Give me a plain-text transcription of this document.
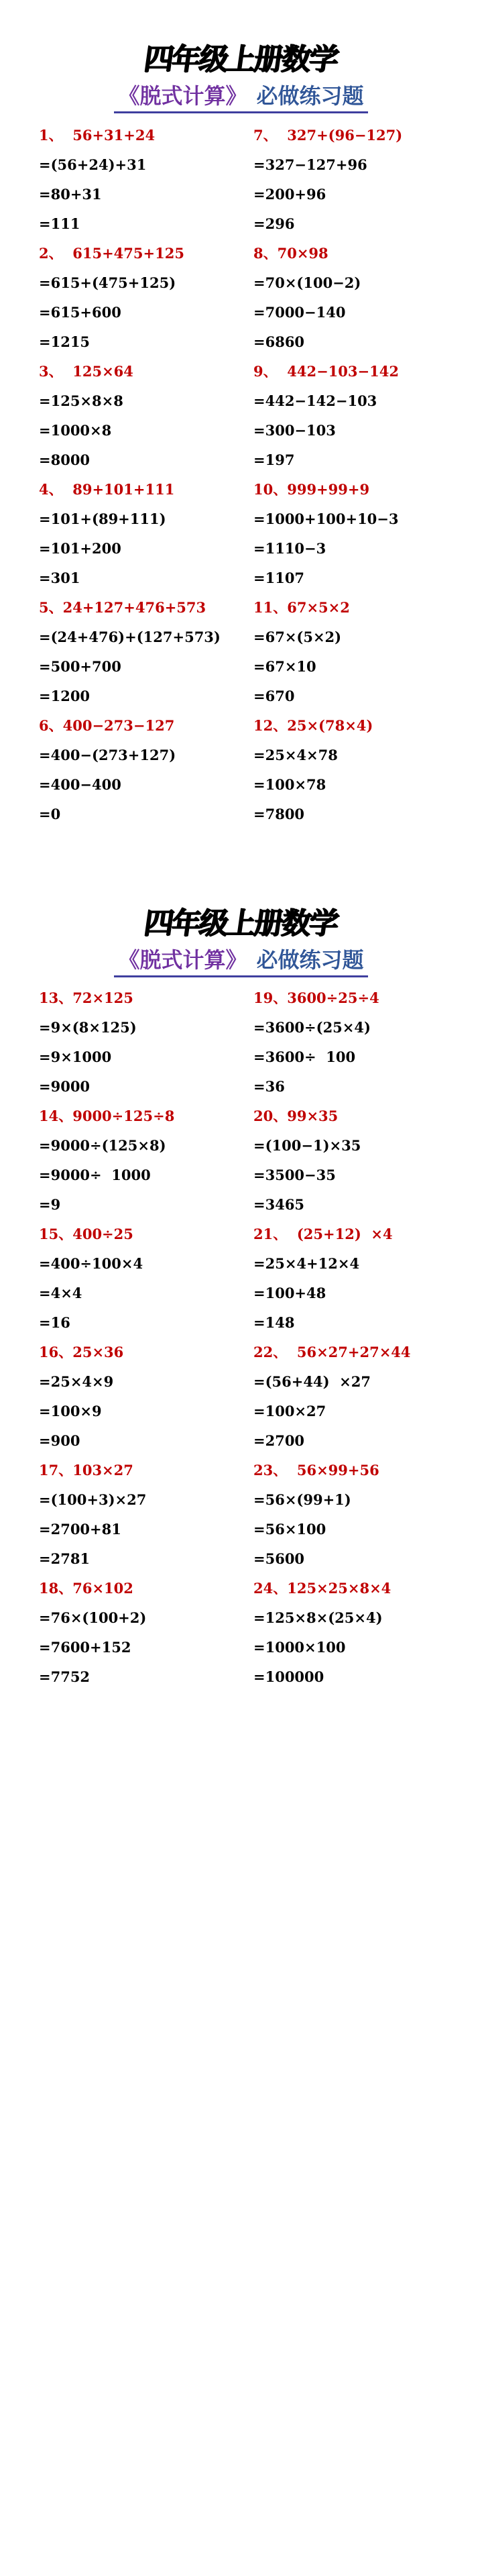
四年级上册数学
《脱式计算》 必做练习题
1、  56+31+24
=(56+24)+31
=80+31
=111
2、  615+475+125
=615+(475+125)
=615+600
=1215
3、  125×64
=125×8×8
=1000×8
=8000
4、  89+101+111
=101+(89+111)
=101+200
=301
5、24+127+476+573
=(24+476)+(127+573)
=500+700
=1200
6、400−273−127
=400−(273+127)
=400−400
=0
7、  327+(96−127)
=327−127+96
=200+96
=296
8、70×98
=70×(100−2)
=7000−140
=6860
9、  442−103−142
=442−142−103
=300−103
=197
10、999+99+9
=1000+100+10−3
=1110−3
=1107
11、67×5×2
=67×(5×2)
=67×10
=670
12、25×(78×4)
=25×4×78
=100×78
=7800
四年级上册数学
《脱式计算》 必做练习题
13、72×125
=9×(8×125)
=9×1000
=9000
14、9000÷125÷8
=9000÷(125×8)
=9000÷  1000
=9
15、400÷25
=400÷100×4
=4×4
=16
16、25×36
=25×4×9
=100×9
=900
17、103×27
=(100+3)×27
=2700+81
=2781
18、76×102
=76×(100+2)
=7600+152
=7752
19、3600÷25÷4
=3600÷(25×4)
=3600÷  100
=36
20、99×35
=(100−1)×35
=3500−35
=3465
21、  (25+12)  ×4
=25×4+12×4
=100+48
=148
22、  56×27+27×44
=(56+44)  ×27
=100×27
=2700
23、  56×99+56
=56×(99+1)
=56×100
=5600
24、125×25×8×4
=125×8×(25×4)
=1000×100
=100000
